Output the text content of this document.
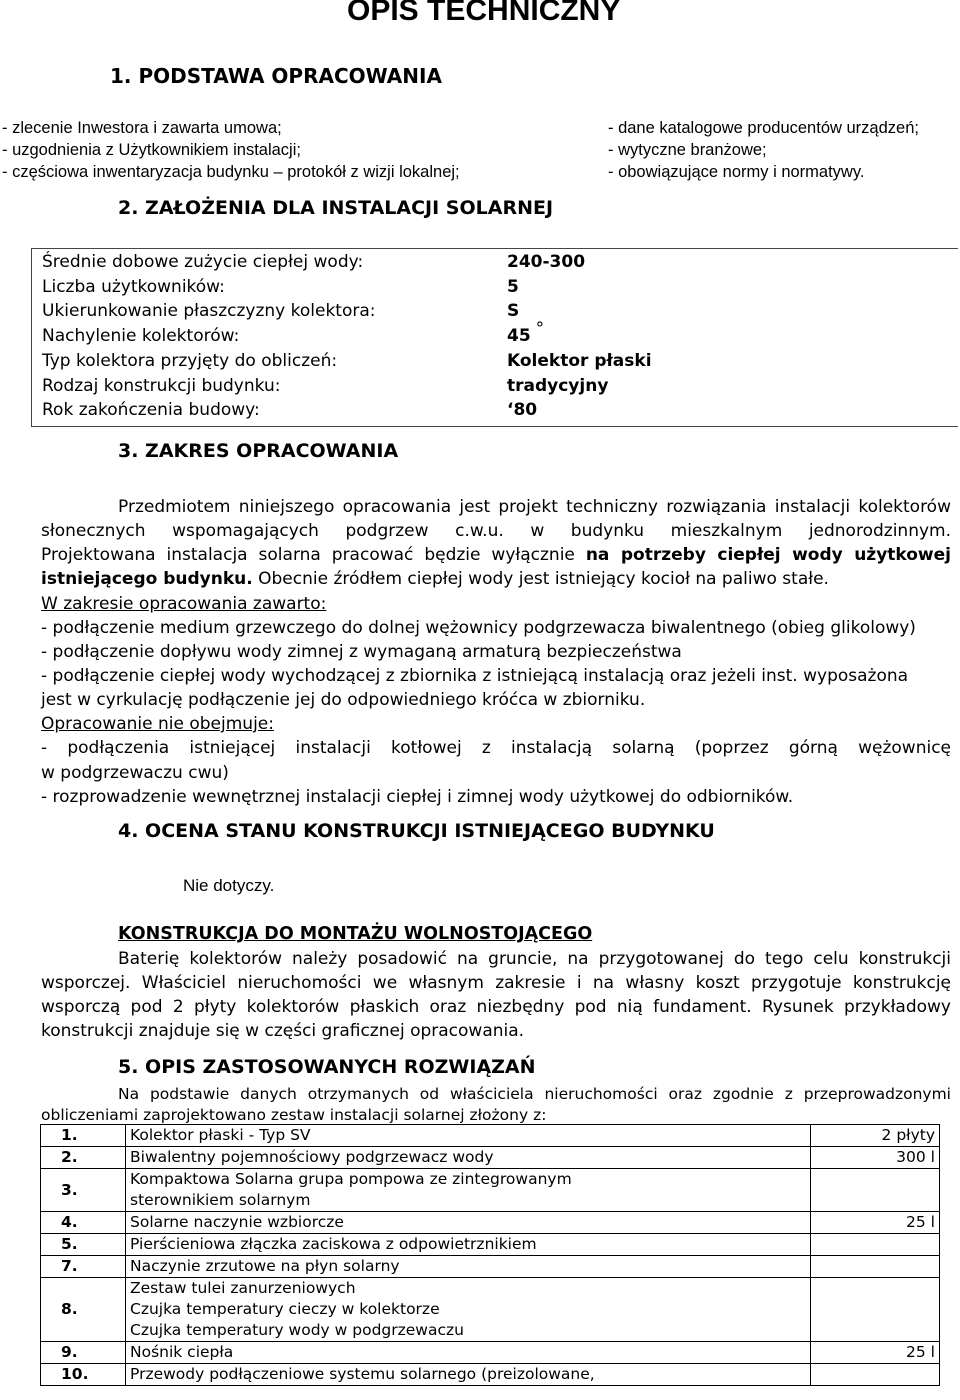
OPIS TECHNICZNY
1. PODSTAWA OPRACOWANIA
- zlecenie Inwestora i zawarta umowa;
- uzgodnienia z Użytkownikiem instalacji;
- częściowa inwentaryzacja budynku – protokół z wizji lokalnej;
- dane katalogowe producentów urządzeń;
- wytyczne branżowe;
- obowiązujące normy i normatywy.
2. ZAŁOŻENIA DLA INSTALACJI SOLARNEJ
Średnie dobowe zużycie ciepłej wody:	240-300
Liczba użytkowników:	5
Ukierunkowanie płaszczyzny kolektora:	S
Nachylenie kolektorów:	45 °
Typ kolektora przyjęty do obliczeń:	Kolektor płaski
Rodzaj konstrukcji budynku:	tradycyjny
Rok zakończenia budowy:	‘80
3. ZAKRES OPRACOWANIA
Przedmiotem niniejszego opracowania jest projekt techniczny rozwiązania instalacji kolektorów
słonecznych wspomagających podgrzew c.w.u. w budynku mieszkalnym jednorodzinnym.
Projektowana instalacja solarna pracować będzie wyłącznie na potrzeby ciepłej wody użytkowej
istniejącego budynku. Obecnie źródłem ciepłej wody jest istniejący kocioł na paliwo stałe.
W zakresie opracowania zawarto:
- podłączenie medium grzewczego do dolnej wężownicy podgrzewacza biwalentnego (obieg glikolowy)
- podłączenie dopływu wody zimnej z wymaganą armaturą bezpieczeństwa
- podłączenie ciepłej wody wychodzącej z zbiornika z istniejącą instalacją oraz jeżeli inst. wyposażona
jest w cyrkulację podłączenie jej do odpowiedniego króćca w zbiorniku.
Opracowanie nie obejmuje:
- podłączenia istniejącej instalacji kotłowej z instalacją solarną (poprzez górną wężownicę
w podgrzewaczu cwu)
- rozprowadzenie wewnętrznej instalacji ciepłej i zimnej wody użytkowej do odbiorników.
4. OCENA STANU KONSTRUKCJI ISTNIEJĄCEGO BUDYNKU
Nie dotyczy.
KONSTRUKCJA DO MONTAŻU WOLNOSTOJĄCEGO
Baterię kolektorów należy posadowić na gruncie, na przygotowanej do tego celu konstrukcji
wsporczej. Właściciel nieruchomości we własnym zakresie i na własny koszt przygotuje konstrukcję
wsporczą pod 2 płyty kolektorów płaskich oraz niezbędny pod nią fundament. Rysunek przykładowy
konstrukcji znajduje się w części graficznej opracowania.
5. OPIS ZASTOSOWANYCH ROZWIĄZAŃ
Na podstawie danych otrzymanych od właściciela nieruchomości oraz zgodnie z przeprowadzonymi
obliczeniami zaprojektowano zestaw instalacji solarnej złożony z:
1.	Kolektor płaski - Typ SV	2 płyty
2.	Biwalentny pojemnościowy podgrzewacz wody	300 l
3.	Kompaktowa Solarna grupa pompowa ze zintegrowanym
sterownikiem solarnym	

4.	Solarne naczynie wzbiorcze	25 l
5.	Pierścieniowa złączka zaciskowa z odpowietrznikiem	
7.	Naczynie zrzutowe na płyn solarny	
8.	Zestaw tulei zanurzeniowych
Czujka temperatury cieczy w kolektorze
Czujka temperatury wody w podgrzewaczu	

9.	Nośnik ciepła	25 l
10.	Przewody podłączeniowe systemu solarnego (preizolowane,	
